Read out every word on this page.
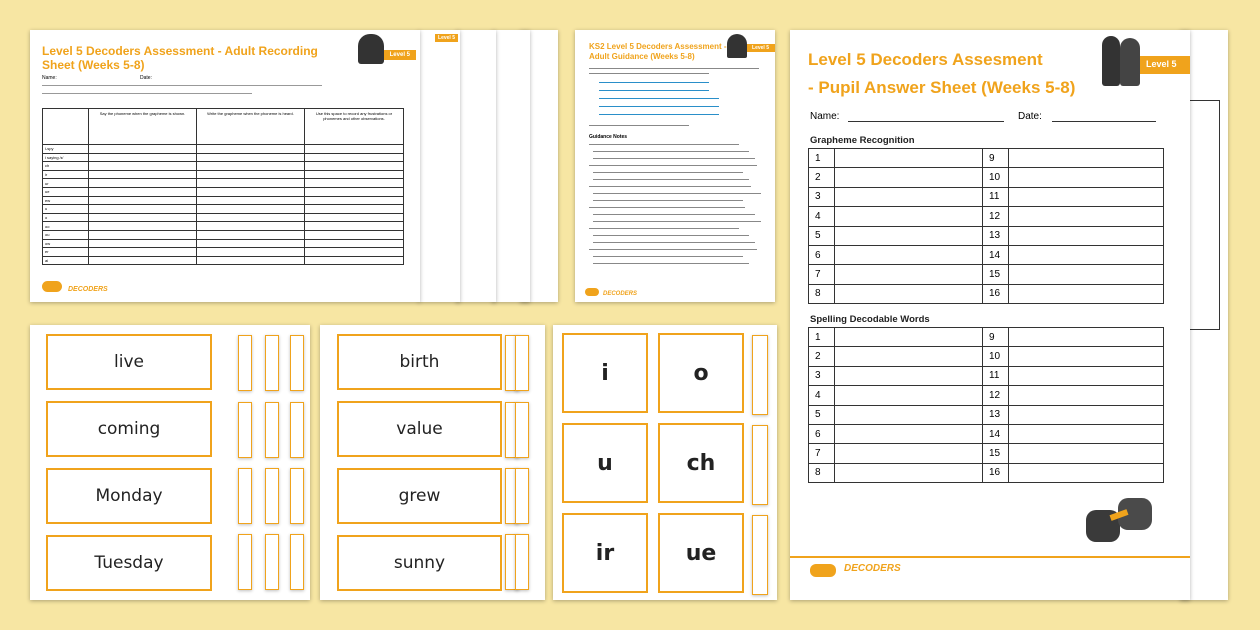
Level 5
Level 5 Decoders Assessment - Adult Recording Sheet (Weeks 5-8)
Level 5
Name:	Date:
	Say the phoneme when the grapheme is shown.	Write the grapheme when the phoneme is heard.	Use this space to record any frustrations or phonemes and other observations.
i-spy			
i saying /ɪ/			
ch			
ir			
ur			
ue			
ew			
u			
o			
oo			
ou			
ow			
er			
ai			
DECODERS
KS2 Level 5 Decoders Assessment - Adult Guidance (Weeks 5-8)
Level 5
Guidance Notes
DECODERS
Level 5 Decoders Assesment
- Pupil Answer Sheet (Weeks 5-8)
Level 5
Name:	Date:
Grapheme Recognition
1		9	
2		10	
3		11	
4		12	
5		13	
6		14	
7		15	
8		16	
Spelling Decodable Words
1		9	
2		10	
3		11	
4		12	
5		13	
6		14	
7		15	
8		16	
DECODERS
live
coming
Monday
Tuesday
birth
value
grew
sunny
i	o
u	ch
ir	ue
